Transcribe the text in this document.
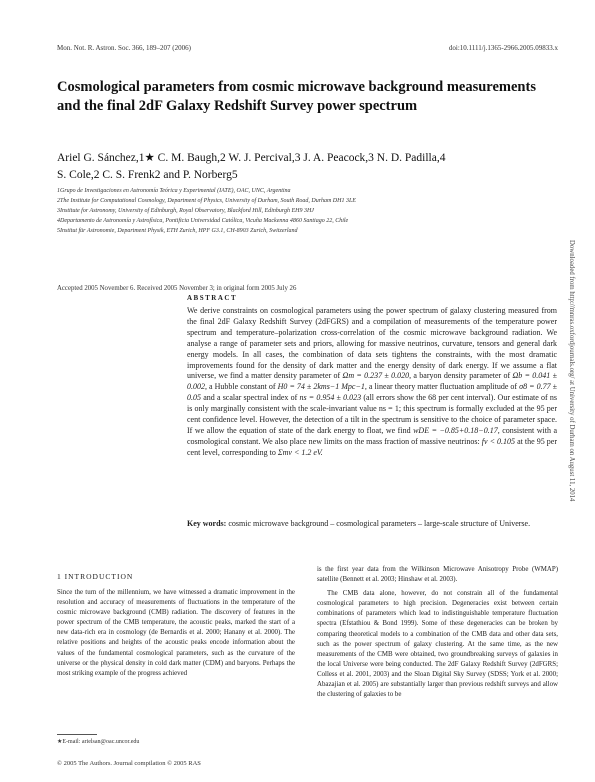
Mon. Not. R. Astron. Soc. 366, 189–207 (2006)	doi:10.1111/j.1365-2966.2005.09833.x
Cosmological parameters from cosmic microwave background measurements and the final 2dF Galaxy Redshift Survey power spectrum
Ariel G. Sánchez,1★ C. M. Baugh,2 W. J. Percival,3 J. A. Peacock,3 N. D. Padilla,4
S. Cole,2 C. S. Frenk2 and P. Norberg5
1Grupo de Investigaciones en Astronomía Teórica y Experimental (IATE), OAC, UNC, Argentina
2The Institute for Computational Cosmology, Department of Physics, University of Durham, South Road, Durham DH1 3LE
3Institute for Astronomy, University of Edinburgh, Royal Observatory, Blackford Hill, Edinburgh EH9 3HJ
4Departamento de Astronomía y Astrofísica, Pontificia Universidad Católica, Vicuña Mackenna 4860 Santiago 22, Chile
5Institut für Astronomie, Department Physik, ETH Zurich, HPF G3.1, CH-8903 Zurich, Switzerland
Accepted 2005 November 6. Received 2005 November 3; in original form 2005 July 26
ABSTRACT
We derive constraints on cosmological parameters using the power spectrum of galaxy clustering measured from the final 2dF Galaxy Redshift Survey (2dFGRS) and a compilation of measurements of the temperature power spectrum and temperature–polarization cross-correlation of the cosmic microwave background radiation. We analyse a range of parameter sets and priors, allowing for massive neutrinos, curvature, tensors and general dark energy models. In all cases, the combination of data sets tightens the constraints, with the most dramatic improvements found for the density of dark matter and the energy density of dark energy. If we assume a flat universe, we find a matter density parameter of Ωm = 0.237 ± 0.020, a baryon density parameter of Ωb = 0.041 ± 0.002, a Hubble constant of H0 = 74 ± 2kms−1 Mpc−1, a linear theory matter fluctuation amplitude of σ8 = 0.77 ± 0.05 and a scalar spectral index of ns = 0.954 ± 0.023 (all errors show the 68 per cent interval). Our estimate of ns is only marginally consistent with the scale-invariant value ns = 1; this spectrum is formally excluded at the 95 per cent confidence level. However, the detection of a tilt in the spectrum is sensitive to the choice of parameter space. If we allow the equation of state of the dark energy to float, we find wDE = −0.85+0.18−0.17, consistent with a cosmological constant. We also place new limits on the mass fraction of massive neutrinos: fν < 0.105 at the 95 per cent level, corresponding to Σmν < 1.2 eV.
Key words: cosmic microwave background – cosmological parameters – large-scale structure of Universe.
1 INTRODUCTION
Since the turn of the millennium, we have witnessed a dramatic improvement in the resolution and accuracy of measurements of fluctuations in the temperature of the cosmic microwave background (CMB) radiation. The discovery of features in the power spectrum of the CMB temperature, the acoustic peaks, marked the start of a new data-rich era in cosmology (de Bernardis et al. 2000; Hanany et al. 2000). The relative positions and heights of the acoustic peaks encode information about the values of the fundamental cosmological parameters, such as the curvature of the universe or the physical density in cold dark matter (CDM) and baryons. Perhaps the most striking example of the progress achieved

is the first year data from the Wilkinson Microwave Anisotropy Probe (WMAP) satellite (Bennett et al. 2003; Hinshaw et al. 2003).

The CMB data alone, however, do not constrain all of the fundamental cosmological parameters to high precision. Degeneracies exist between certain combinations of parameters which lead to indistinguishable temperature fluctuation spectra (Efstathiou & Bond 1999). Some of these degeneracies can be broken by comparing theoretical models to a combination of the CMB data and other data sets, such as the power spectrum of galaxy clustering. At the same time, as the new measurements of the CMB were obtained, two groundbreaking surveys of galaxies in the local Universe were being conducted. The 2dF Galaxy Redshift Survey (2dFGRS; Colless et al. 2001, 2003) and the Sloan Digital Sky Survey (SDSS; York et al. 2000; Abazajian et al. 2005) are substantially larger than previous redshift surveys and allow the clustering of galaxies to be

★E-mail: arielsan@oac.uncor.edu
© 2005 The Authors. Journal compilation © 2005 RAS
Downloaded from http://mnras.oxfordjournals.org/ at University of Durham on August 11, 2014
